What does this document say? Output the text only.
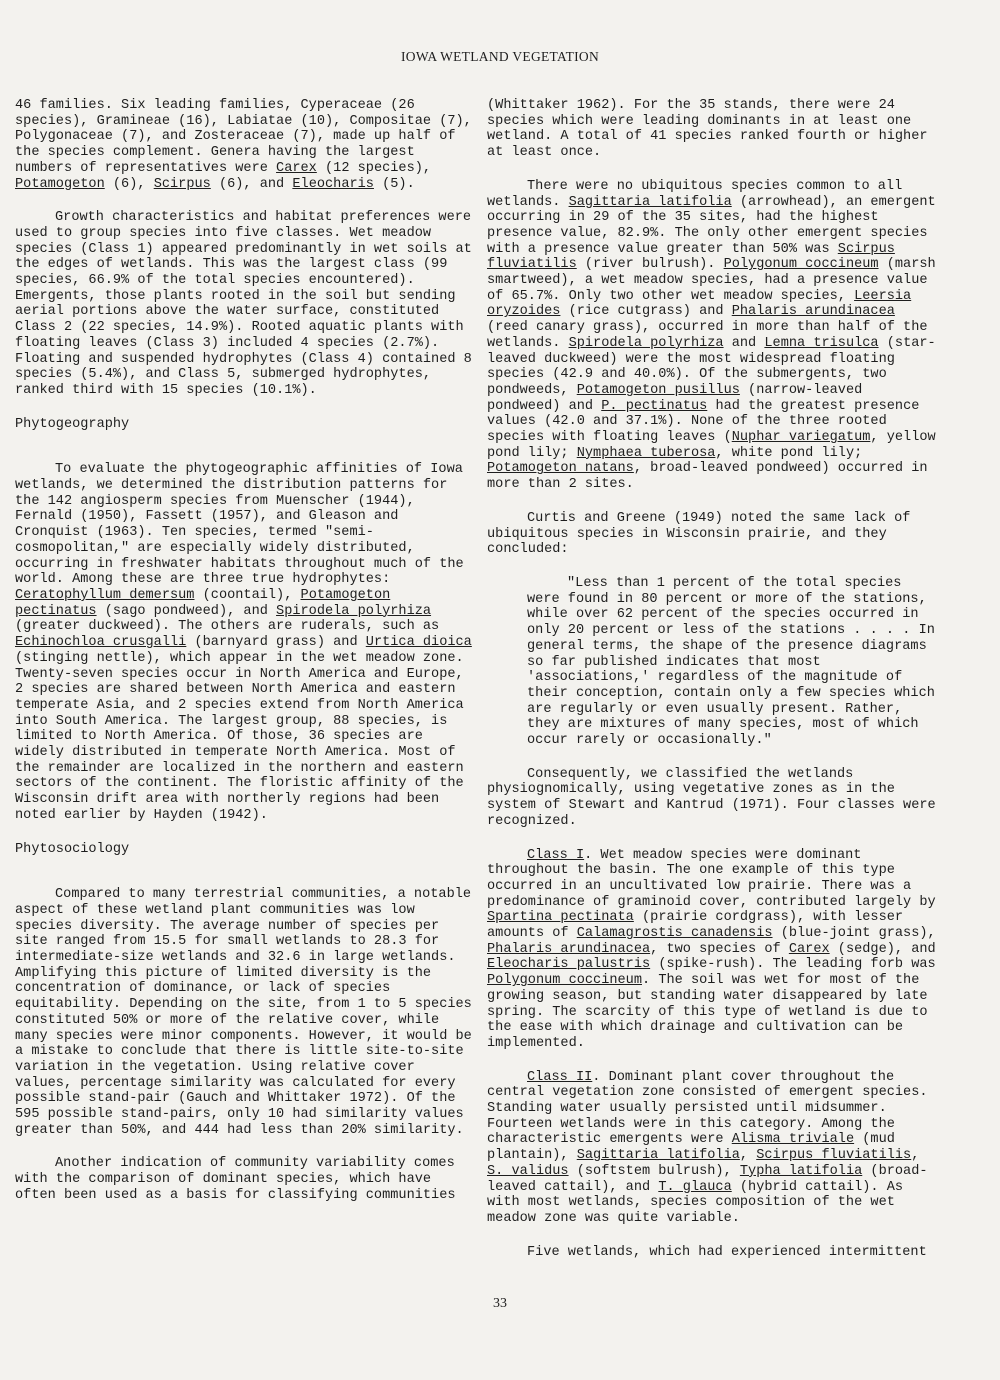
IOWA WETLAND VEGETATION

46 families. Six leading families, Cyperaceae (26 species), Gramineae (16), Labiatae (10), Compositae (7), Polygonaceae (7), and Zosteraceae (7), made up half of the species complement. Genera having the largest numbers of representatives were Carex (12 species), Potamogeton (6), Scirpus (6), and Eleocharis (5).

Growth characteristics and habitat preferences were used to group species into five classes. Wet meadow species (Class 1) appeared predominantly in wet soils at the edges of wetlands. This was the largest class (99 species, 66.9% of the total species encountered). Emergents, those plants rooted in the soil but sending aerial portions above the water surface, constituted Class 2 (22 species, 14.9%). Rooted aquatic plants with floating leaves (Class 3) included 4 species (2.7%). Floating and suspended hydrophytes (Class 4) contained 8 species (5.4%), and Class 5, submerged hydrophytes, ranked third with 15 species (10.1%).

Phytogeography

To evaluate the phytogeographic affinities of Iowa wetlands, we determined the distribution patterns for the 142 angiosperm species from Muenscher (1944), Fernald (1950), Fassett (1957), and Gleason and Cronquist (1963). Ten species, termed "semi-cosmopolitan," are especially widely distributed, occurring in freshwater habitats throughout much of the world. Among these are three true hydrophytes: Ceratophyllum demersum (coontail), Potamogeton pectinatus (sago pondweed), and Spirodela polyrhiza (greater duckweed). The others are ruderals, such as Echinochloa crusgalli (barnyard grass) and Urtica dioica (stinging nettle), which appear in the wet meadow zone. Twenty-seven species occur in North America and Europe, 2 species are shared between North America and eastern temperate Asia, and 2 species extend from North America into South America. The largest group, 88 species, is limited to North America. Of those, 36 species are widely distributed in temperate North America. Most of the remainder are localized in the northern and eastern sectors of the continent. The floristic affinity of the Wisconsin drift area with northerly regions had been noted earlier by Hayden (1942).

Phytosociology

Compared to many terrestrial communities, a notable aspect of these wetland plant communities was low species diversity. The average number of species per site ranged from 15.5 for small wetlands to 28.3 for intermediate-size wetlands and 32.6 in large wetlands. Amplifying this picture of limited diversity is the concentration of dominance, or lack of species equitability. Depending on the site, from 1 to 5 species constituted 50% or more of the relative cover, while many species were minor components. However, it would be a mistake to conclude that there is little site-to-site variation in the vegetation. Using relative cover values, percentage similarity was calculated for every possible stand-pair (Gauch and Whittaker 1972). Of the 595 possible stand-pairs, only 10 had similarity values greater than 50%, and 444 had less than 20% similarity.

Another indication of community variability comes with the comparison of dominant species, which have often been used as a basis for classifying communities

(Whittaker 1962). For the 35 stands, there were 24 species which were leading dominants in at least one wetland. A total of 41 species ranked fourth or higher at least once.

There were no ubiquitous species common to all wetlands. Sagittaria latifolia (arrowhead), an emergent occurring in 29 of the 35 sites, had the highest presence value, 82.9%. The only other emergent species with a presence value greater than 50% was Scirpus fluviatilis (river bulrush). Polygonum coccineum (marsh smartweed), a wet meadow species, had a presence value of 65.7%. Only two other wet meadow species, Leersia oryzoides (rice cutgrass) and Phalaris arundinacea (reed canary grass), occurred in more than half of the wetlands. Spirodela polyrhiza and Lemna trisulca (star-leaved duckweed) were the most widespread floating species (42.9 and 40.0%). Of the submergents, two pondweeds, Potamogeton pusillus (narrow-leaved pondweed) and P. pectinatus had the greatest presence values (42.0 and 37.1%). None of the three rooted species with floating leaves (Nuphar variegatum, yellow pond lily; Nymphaea tuberosa, white pond lily; Potamogeton natans, broad-leaved pondweed) occurred in more than 2 sites.

Curtis and Greene (1949) noted the same lack of ubiquitous species in Wisconsin prairie, and they concluded:

"Less than 1 percent of the total species were found in 80 percent or more of the stations, while over 62 percent of the species occurred in only 20 percent or less of the stations . . . . In general terms, the shape of the presence diagrams so far published indicates that most 'associations,' regardless of the magnitude of their conception, contain only a few species which are regularly or even usually present. Rather, they are mixtures of many species, most of which occur rarely or occasionally."

Consequently, we classified the wetlands physiognomically, using vegetative zones as in the system of Stewart and Kantrud (1971). Four classes were recognized.

Class I. Wet meadow species were dominant throughout the basin. The one example of this type occurred in an uncultivated low prairie. There was a predominance of graminoid cover, contributed largely by Spartina pectinata (prairie cordgrass), with lesser amounts of Calamagrostis canadensis (blue-joint grass), Phalaris arundinacea, two species of Carex (sedge), and Eleocharis palustris (spike-rush). The leading forb was Polygonum coccineum. The soil was wet for most of the growing season, but standing water disappeared by late spring. The scarcity of this type of wetland is due to the ease with which drainage and cultivation can be implemented.

Class II. Dominant plant cover throughout the central vegetation zone consisted of emergent species. Standing water usually persisted until midsummer. Fourteen wetlands were in this category. Among the characteristic emergents were Alisma triviale (mud plantain), Sagittaria latifolia, Scirpus fluviatilis, S. validus (softstem bulrush), Typha latifolia (broad-leaved cattail), and T. glauca (hybrid cattail). As with most wetlands, species composition of the wet meadow zone was quite variable.

Five wetlands, which had experienced intermittent

33
